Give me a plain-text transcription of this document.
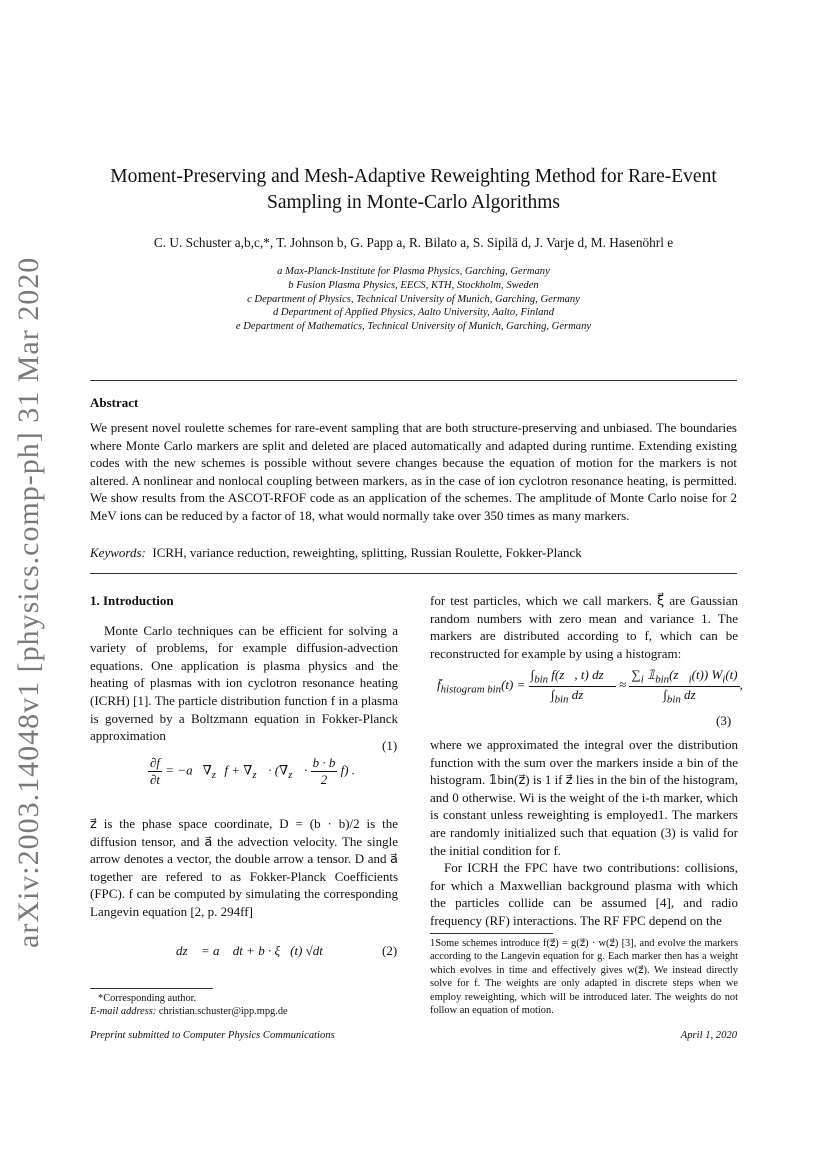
arXiv:2003.14048v1 [physics.comp-ph] 31 Mar 2020
Moment-Preserving and Mesh-Adaptive Reweighting Method for Rare-Event
Sampling in Monte-Carlo Algorithms
C. U. Schuster a,b,c,*, T. Johnson b, G. Papp a, R. Bilato a, S. Sipilä d, J. Varje d, M. Hasenöhrl e
a Max-Planck-Institute for Plasma Physics, Garching, Germany
b Fusion Plasma Physics, EECS, KTH, Stockholm, Sweden
c Department of Physics, Technical University of Munich, Garching, Germany
d Department of Applied Physics, Aalto University, Aalto, Finland
e Department of Mathematics, Technical University of Munich, Garching, Germany
Abstract
We present novel roulette schemes for rare-event sampling that are both structure-preserving and unbiased. The boundaries where Monte Carlo markers are split and deleted are placed automatically and adapted during runtime. Extending existing codes with the new schemes is possible without severe changes because the equation of motion for the markers is not altered. A nonlinear and nonlocal coupling between markers, as in the case of ion cyclotron resonance heating, is permitted. We show results from the ASCOT-RFOF code as an application of the schemes. The amplitude of Monte Carlo noise for 2 MeV ions can be reduced by a factor of 18, what would normally take over 350 times as many markers.
Keywords: ICRH, variance reduction, reweighting, splitting, Russian Roulette, Fokker-Planck
1. Introduction

Monte Carlo techniques can be efficient for solving a variety of problems, for example diffusion-advection equations. One application is plasma physics and the heating of plasmas with ion cyclotron resonance heating (ICRH) [1]. The particle distribution function f in a plasma is governed by a Boltzmann equation in Fokker-Planck approximation

$\frac{\partial f}{\partial t}$ = $-a⃗\nabla_{z⃗}f + \nabla_{z⃗} \cdot (\nabla_{z⃗} \cdot \frac{b \cdot b}{2} f)$ .
(1)

z⃗ is the phase space coordinate, D = (b · b)/2 is the diffusion tensor, and a⃗ the advection velocity. The single arrow denotes a vector, the double arrow a tensor. D and a⃗ together are refered to as Fokker-Planck Coefficients (FPC). f can be computed by simulating the corresponding Langevin equation [2, p. 294ff]

dz⃗ = a⃗ dt + b · ξ⃗(t) √dt	(2)
*Corresponding author.
E-mail address: christian.schuster@ipp.mpg.de

for test particles, which we call markers. ξ⃗ are Gaussian random numbers with zero mean and variance 1. The markers are distributed according to f, which can be reconstructed for example by using a histogram:

$f̄_{histogram bin}(t) = \frac{\int_{bin} f(z⃗, t) dz⃗}{\int_{bin} dz⃗} \approx \frac{\sum_i 𝟙_{bin}(z⃗_i(t)) W_i(t)}{\int_{bin} dz⃗}$ ,
(3)

where we approximated the integral over the distribution function with the sum over the markers inside a bin of the histogram. 𝟙bin(z⃗) is 1 if z⃗ lies in the bin of the histogram, and 0 otherwise. Wi is the weight of the i-th marker, which is constant unless reweighting is employed1. The markers are randomly initialized such that equation (3) is valid for the initial condition for f.

For ICRH the FPC have two contributions: collisions, for which a Maxwellian background plasma with which the particles collide can be assumed [4], and radio frequency (RF) interactions. The RF FPC depend on the

1Some schemes introduce f(z⃗) = g(z⃗) · w(z⃗) [3], and evolve the markers according to the Langevin equation for g. Each marker then has a weight which evolves in time and effectively gives w(z⃗). We instead directly solve for f. The weights are only adapted in discrete steps when we employ reweighting, which will be introduced later. The weights do not follow an equation of motion.
Preprint submitted to Computer Physics Communications	April 1, 2020
